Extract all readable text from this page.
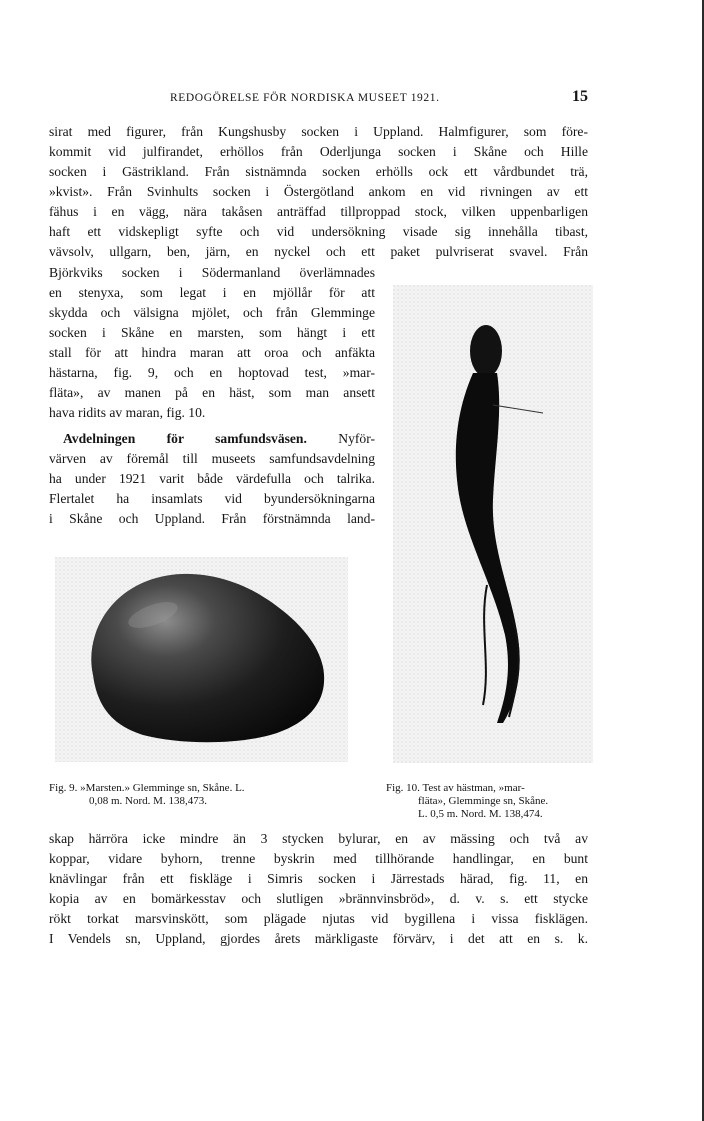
REDOGÖRELSE FÖR NORDISKA MUSEET 1921.	15
sirat med figurer, från Kungshusby socken i Uppland. Halmfigurer, som före-
kommit vid julfirandet, erhöllos från Oderljunga socken i Skåne och Hille
socken i Gästrikland. Från sistnämnda socken erhölls ock ett vårdbundet trä,
»kvist». Från Svinhults socken i Östergötland ankom en vid rivningen av ett
fähus i en vägg, nära takåsen anträffad tillproppad stock, vilken uppenbarligen
haft ett vidskepligt syfte och vid undersökning visade sig innehålla tibast,
vävsolv, ullgarn, ben, järn, en nyckel och ett paket pulvriserat svavel. Från
Björkviks socken i Södermanland överlämnades
en stenyxa, som legat i en mjöllår för att
skydda och välsigna mjölet, och från Glemminge
socken i Skåne en marsten, som hängt i ett
stall för att hindra maran att oroa och anfäkta
hästarna, fig. 9, och en hoptovad test, »mar-
fläta», av manen på en häst, som man ansett
hava ridits av maran, fig. 10.
Avdelningen för samfundsväsen. Nyför-
värven av föremål till museets samfundsavdelning
ha under 1921 varit både värdefulla och talrika.
Flertalet ha insamlats vid byundersökningarna
i Skåne och Uppland. Från förstnämnda land-
Fig. 9. »Marsten.» Glemminge sn, Skåne. L.
0,08 m. Nord. M. 138,473.
Fig. 10. Test av hästman, »mar-
fläta», Glemminge sn, Skåne.
L. 0,5 m. Nord. M. 138,474.
skap härröra icke mindre än 3 stycken bylurar, en av mässing och två av
koppar, vidare byhorn, trenne byskrin med tillhörande handlingar, en bunt
knävlingar från ett fiskläge i Simris socken i Järrestads härad, fig. 11, en
kopia av en bomärkesstav och slutligen »brännvinsbröd», d. v. s. ett stycke
rökt torkat marsvinskött, som plägade njutas vid bygillena i vissa fisklägen.
I Vendels sn, Uppland, gjordes årets märkligaste förvärv, i det att en s. k.
